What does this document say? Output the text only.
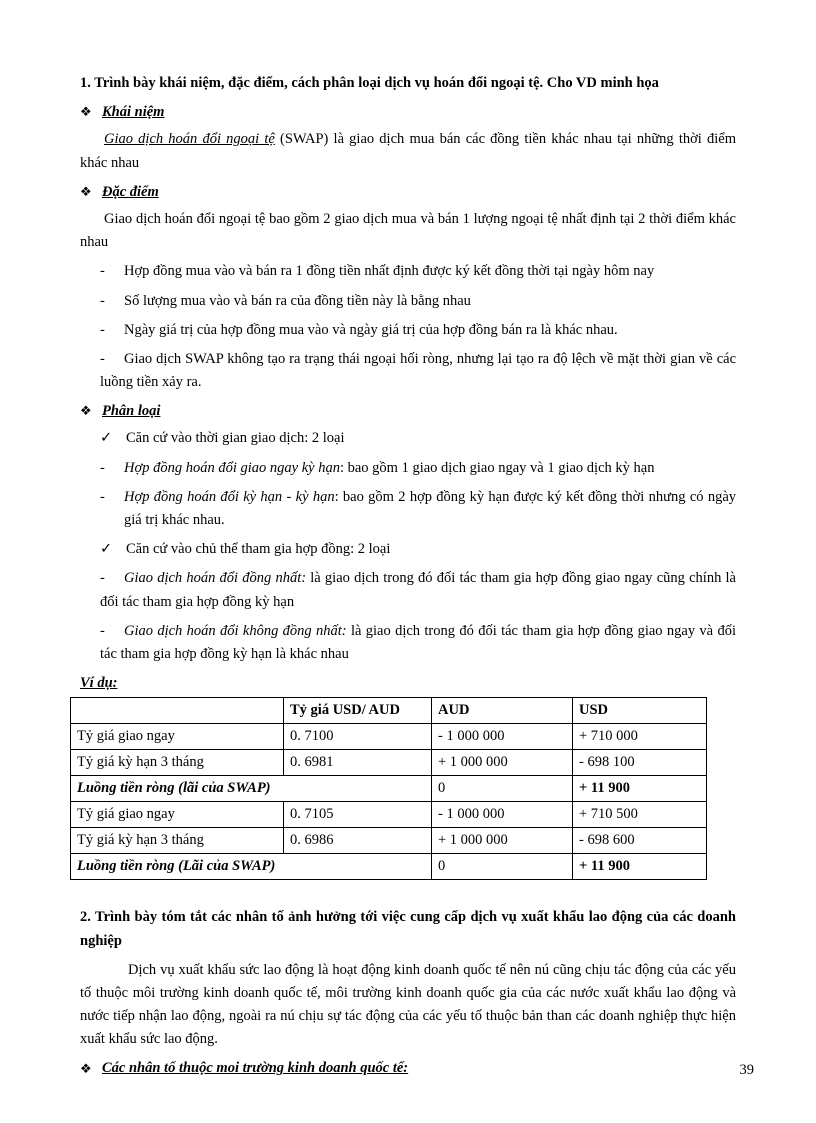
1. Trình bày khái niệm, đặc điểm, cách phân loại dịch vụ hoán đổi ngoại tệ. Cho VD minh họa

❖ Khái niệm

Giao dịch hoán đổi ngoại tệ (SWAP) là giao dịch mua bán các đồng tiền khác nhau tại những thời điểm khác nhau

❖ Đặc điểm

Giao dịch hoán đổi ngoại tệ bao gồm 2 giao dịch mua và bán 1 lượng ngoại tệ nhất định tại 2 thời điểm khác nhau

-	Hợp đồng mua vào và bán ra 1 đồng tiền nhất định được ký kết đồng thời tại ngày hôm nay
-	Số lượng mua vào và bán ra của đồng tiền này là bằng nhau
-	Ngày giá trị của hợp đồng mua vào và ngày giá trị của hợp đồng bán ra là khác nhau.

- Giao dịch SWAP không tạo ra trạng thái ngoại hối ròng, nhưng lại tạo ra độ lệch về mặt thời gian về các luồng tiền xảy ra.

❖ Phân loại
✓ Căn cứ vào thời gian giao dịch: 2 loại
-	Hợp đồng hoán đổi giao ngay kỳ hạn: bao gồm 1 giao dịch giao ngay và 1 giao dịch kỳ hạn
-	Hợp đồng hoán đổi kỳ hạn - kỳ hạn: bao gồm 2 hợp đồng kỳ hạn được ký kết đồng thời nhưng có ngày giá trị khác nhau.
✓ Căn cứ vào chủ thể tham gia hợp đồng: 2 loại

- Giao dịch hoán đổi đồng nhất: là giao dịch trong đó đối tác tham gia hợp đồng giao ngay cũng chính là đối tác tham gia hợp đồng kỳ hạn

- Giao dịch hoán đổi không đồng nhất: là giao dịch trong đó đối tác tham gia hợp đồng giao ngay và đối tác tham gia hợp đồng kỳ hạn là khác nhau

Ví dụ:
	Tỷ giá USD/ AUD	AUD	USD
Tỷ giá giao ngay	0. 7100	- 1 000 000	+ 710 000
Tỷ giá kỳ hạn 3 tháng	0. 6981	+ 1 000 000	- 698 100
Luồng tiền ròng (lãi của SWAP)		0	+ 11 900
Tỷ giá giao ngay	0. 7105	- 1 000 000	+ 710 500
Tỷ giá kỳ hạn 3 tháng	0. 6986	+ 1 000 000	- 698 600
Luồng tiền ròng (Lãi của SWAP)		0	+ 11 900

2. Trình bày tóm tắt các nhân tố ảnh hưởng tới việc cung cấp dịch vụ xuất khẩu lao động của các doanh nghiệp

Dịch vụ xuất khẩu sức lao động là hoạt động kinh doanh quốc tế nên nú cũng chịu tác động của các yếu tố thuộc môi trường kinh doanh quốc tế, môi trường kinh doanh quốc gia của các nước xuất khẩu lao động và nước tiếp nhận lao động, ngoài ra nú chịu sự tác động của các yếu tố thuộc bản than các doanh nghiệp thực hiện xuất khẩu sức lao động.

❖ Các nhân tố thuộc moi trường kinh doanh quốc tế:	39
